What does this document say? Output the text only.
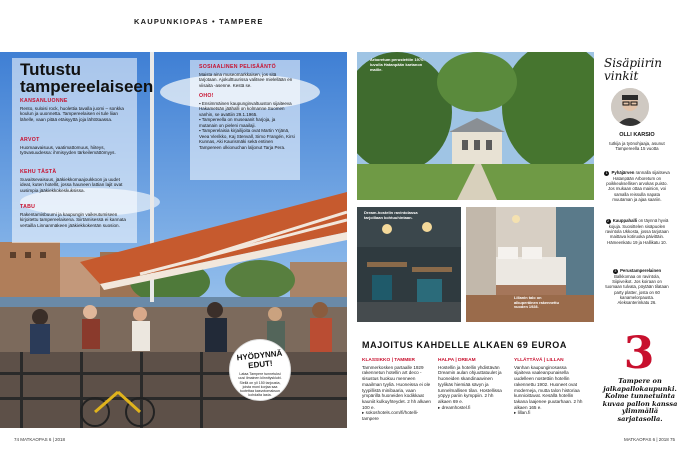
KAUPUNKIOPAS • TAMPERE
Tutustu tampereelaiseen
KANSANLUONNE
Rento, suloisi rock, huolettia tavalla juomi – sonkka koulun ja uuonnetta. Tampereelaisen ei tule liian lähelle, vaan pitää etäisyyttä joja lähtötaassa.
ARVOT
Huomaavaisuus, vaatimattomuus, hiiteys, työvasuudessa: ihmisyyden tärkeilemättömyys.
KEHU TÄSTÄ
Suvaitsevaisuus, jääkiekkomaajoukkoon ja uudet ideat, kuten hotellit, jossa hauneen lattian lajit ovat uusimpia jääkiekkokeskuksissa.
TABU
Rakentamisbuumi ja kaupungin vaikeutumiseen kirjoitettu tampereelaisena. Siirtämisessä ei kannata vertailla Linnanmäkeen jääkiekkokentän suosion.
SOSIAALINEN PELISÄÄNTÖ
Maista aina museomarkkaisen, jos sitä tarjotaan. Ajokulttuurissa valitsee mielellään en viisaita -asenne. Kestä se.
OHO!
▪ Ensimmäinen kaupunginvaltuuston sijaiteeva Hakametsän jäähalli on kolmanne Suomen vanhin, se avattiin 29.1.1965.
▪ Tampereella on museaanit harjoja, ja mutanain on pieleni maailaji.
▪ Tamperelaisia kirjailijoita ovat Martin Yrjänä, Veea Vierikko, Kaj Stenvall, Simo Frangén, Kirsi Kunnas, Aki Kaurismäki sekä entinen Tampereen olkionuchan laljonut Tarja Pera.
HYÖDYNNÄ EDUT!
Lataa Tampere tunnetuksi uusi ilmainen kiinnitysklubi. Siellä on yli 150 tarjousta, joista moni korjaa saa tuotettaa kasvotomaksun kohdalta lasta.
74 MATKAOPAS 6 | 2018
Arboretum perustettiin 1970-luvulla Hatanpään kartanon maille.
Dream-hostelin ravintolassa tarjoillaan kohtuuhintaan.
Lillanin talo on alkuperäinen rakennettu vuoden 1928.
MAJOITUS KAHDELLE ALKAEN 69 EUROA
KLASSIKKO | TAMMER
Tammerkosken partaalle 1929 rakennetun hotellin art deco -sisustus huokuu menneen maailman tyyliä. Huoneissa ei ole tyypillistä minibaaria, vaan ympärillä huoneiden kodikkaat kauniit kulkuyhteydet. 2 hh alkaen 100 e.
▸ sokoshotels.com/fi/hotelli-tampere
HALPA | DREAM
Hostellin ja hotellin yhdistävän Dreamin aulan ohjuuttatuulet ja huoneiden skandinaavinen tyylikäs hiemiää sävyn ja tunnelmallisen tilan. Hostellissa yöpyy pariin kymppiin. 2 hh alkaen 69 e.
▸ dreamhostel.fi
YLLÄTTÄVÄ | LILLAN
Vanhan kaupunginosassa sijaiteva vaaleanpunaisella uudelleen nostettiin hotellin rakennettu 1902. Huoneet ovat moderneja, mutta talon historiaa kunnioittavat. Kesällä hotellin takana laajenee puutarhaan. 2 hh alkaen 165 e.
▸ lillan.fi
Sisäpiirin vinkit
OLLI KARSIO
tutkija ja työnohjaaja, asunut Tampereella 15 vuotta
1 Pyhäjärven rannalla sijaitseva Hatanpään Arboretum on poikkeuksellisen arvokas puisto. Jos mukaan ottaa mainion, voi samalla reissulla napata muutaman ja ajaa saariin.
2 Kauppahalli on täynnä hyviä kojuja. Suosittelen sisäpuolen ravintola Ukkosta, jossa tarjotaan maittava kotiruoka päivittäin. Hämeenkatu 19 ja Hallikatu 10.
3 Perustamperelainen Balkkomaa on ravintola, Siipiveikot. Jos koiraan on tuomaan tulvata, pöytään tilataan party platter, josta on 60 kanamelorpausta. Aleksanterinkatu 26.
3
Tampere on jalkapallokaupunki. Kolme tunnetuinta kuvaa pallon kanssa ylimmällä sarjatasolla.
MATKAOPAS 6 | 2018 75
